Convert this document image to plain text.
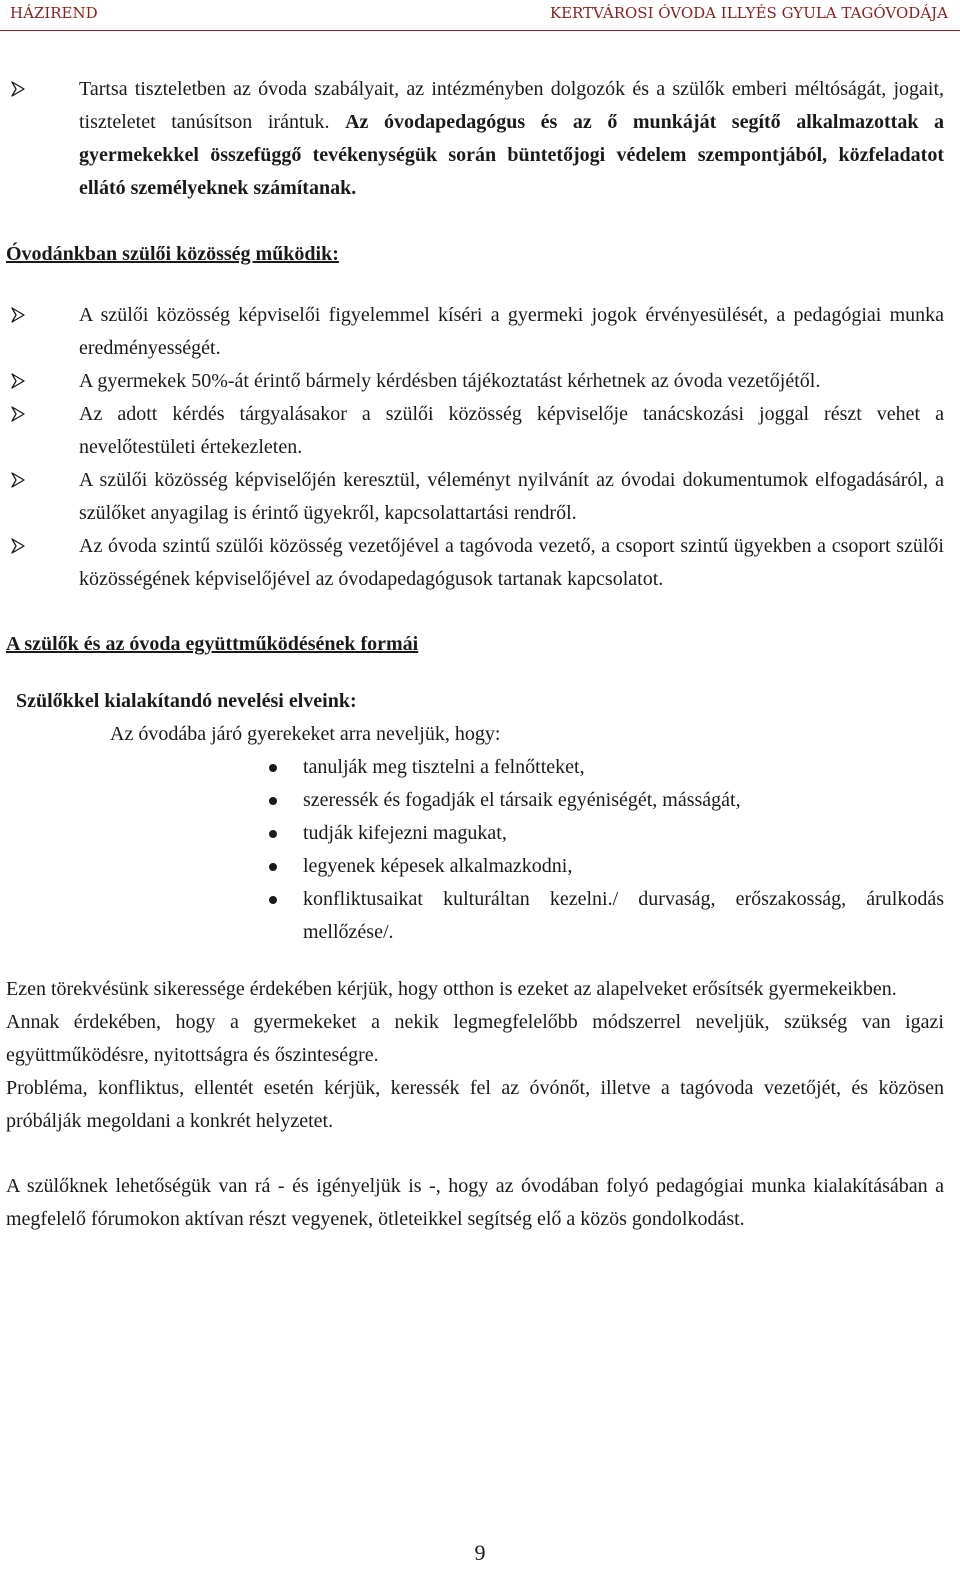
HÁZIREND	KERTVÁROSI ÓVODA ILLYÉS GYULA TAGÓVODÁJA
Tartsa tiszteletben az óvoda szabályait, az intézményben dolgozók és a szülők emberi méltóságát, jogait, tiszteletet tanúsítson irántuk. Az óvodapedagógus és az ő munkáját segítő alkalmazottak a gyermekekkel összefüggő tevékenységük során büntetőjogi védelem szempontjából, közfeladatot ellátó személyeknek számítanak.
Óvodánkban szülői közösség működik:
A szülői közösség képviselői figyelemmel kíséri a gyermeki jogok érvényesülését, a pedagógiai munka eredményességét.
A gyermekek 50%-át érintő bármely kérdésben tájékoztatást kérhetnek az óvoda vezetőjétől.
Az adott kérdés tárgyalásakor a szülői közösség képviselője tanácskozási joggal részt vehet a nevelőtestületi értekezleten.
A szülői közösség képviselőjén keresztül, véleményt nyilvánít az óvodai dokumentumok elfogadásáról, a szülőket anyagilag is érintő ügyekről, kapcsolattartási rendről.
Az óvoda szintű szülői közösség vezetőjével a tagóvoda vezető, a csoport szintű ügyekben a csoport szülői közösségének képviselőjével az óvodapedagógusok tartanak kapcsolatot.
A szülők és az óvoda együttműködésének formái
Szülőkkel kialakítandó nevelési elveink:
Az óvodába járó gyerekeket arra neveljük, hogy:
tanulják meg tisztelni a felnőtteket,
szeressék és fogadják el társaik egyéniségét, másságát,
tudják kifejezni magukat,
legyenek képesek alkalmazkodni,
konfliktusaikat kulturáltan kezelni./ durvaság, erőszakosság, árulkodás mellőzése/.
Ezen törekvésünk sikeressége érdekében kérjük, hogy otthon is ezeket az alapelveket erősítsék gyermekeikben.
Annak érdekében, hogy a gyermekeket a nekik legmegfelelőbb módszerrel neveljük, szükség van igazi együttműködésre, nyitottságra és őszinteségre.
Probléma, konfliktus, ellentét esetén kérjük, keressék fel az óvónőt, illetve a tagóvoda vezetőjét, és közösen próbálják megoldani a konkrét helyzetet.
A szülőknek lehetőségük van rá - és igényeljük is -, hogy az óvodában folyó pedagógiai munka kialakításában a megfelelő fórumokon aktívan részt vegyenek, ötleteikkel segítség elő a közös gondolkodást.
9
